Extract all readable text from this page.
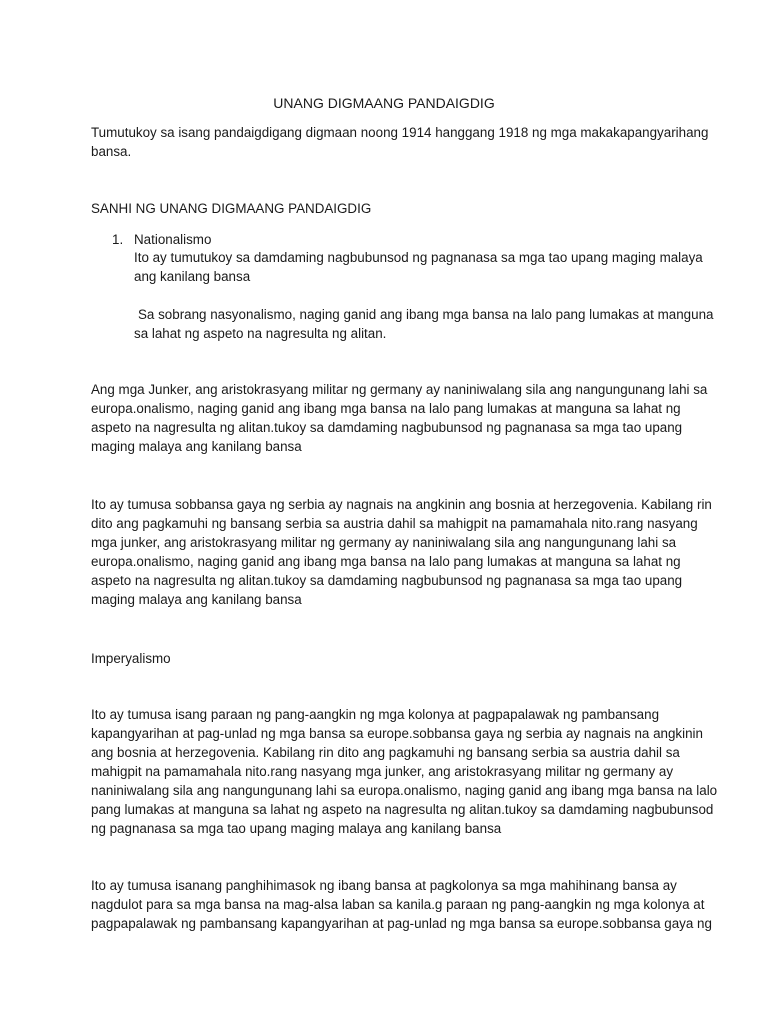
UNANG DIGMAANG PANDAIGDIG

Tumutukoy sa isang pandaigdigang digmaan noong 1914 hanggang 1918 ng mga makakapangyarihang
bansa.

SANHI NG UNANG DIGMAANG PANDAIGDIG
1. Nationalismo

Ito ay tumutukoy sa damdaming nagbubunsod ng pagnanasa sa mga tao upang maging malaya
ang kanilang bansa

Sa sobrang nasyonalismo, naging ganid ang ibang mga bansa na lalo pang lumakas at manguna
sa lahat ng aspeto na nagresulta ng alitan.

Ang mga Junker, ang aristokrasyang militar ng germany ay naniniwalang sila ang nangungunang lahi sa
europa.onalismo, naging ganid ang ibang mga bansa na lalo pang lumakas at manguna sa lahat ng
aspeto na nagresulta ng alitan.tukoy sa damdaming nagbubunsod ng pagnanasa sa mga tao upang
maging malaya ang kanilang bansa

Ito ay tumusa sobbansa gaya ng serbia ay nagnais na angkinin ang bosnia at herzegovenia. Kabilang rin
dito ang pagkamuhi ng bansang serbia sa austria dahil sa mahigpit na pamamahala nito.rang nasyang
mga junker, ang aristokrasyang militar ng germany ay naniniwalang sila ang nangungunang lahi sa
europa.onalismo, naging ganid ang ibang mga bansa na lalo pang lumakas at manguna sa lahat ng
aspeto na nagresulta ng alitan.tukoy sa damdaming nagbubunsod ng pagnanasa sa mga tao upang
maging malaya ang kanilang bansa

Imperyalismo

Ito ay tumusa isang paraan ng pang-aangkin ng mga kolonya at pagpapalawak ng pambansang
kapangyarihan at pag-unlad ng mga bansa sa europe.sobbansa gaya ng serbia ay nagnais na angkinin
ang bosnia at herzegovenia. Kabilang rin dito ang pagkamuhi ng bansang serbia sa austria dahil sa
mahigpit na pamamahala nito.rang nasyang mga junker, ang aristokrasyang militar ng germany ay
naniniwalang sila ang nangungunang lahi sa europa.onalismo, naging ganid ang ibang mga bansa na lalo
pang lumakas at manguna sa lahat ng aspeto na nagresulta ng alitan.tukoy sa damdaming nagbubunsod
ng pagnanasa sa mga tao upang maging malaya ang kanilang bansa

Ito ay tumusa isanang panghihimasok ng ibang bansa at pagkolonya sa mga mahihinang bansa ay
nagdulot para sa mga bansa na mag-alsa laban sa kanila.g paraan ng pang-aangkin ng mga kolonya at
pagpapalawak ng pambansang kapangyarihan at pag-unlad ng mga bansa sa europe.sobbansa gaya ng
